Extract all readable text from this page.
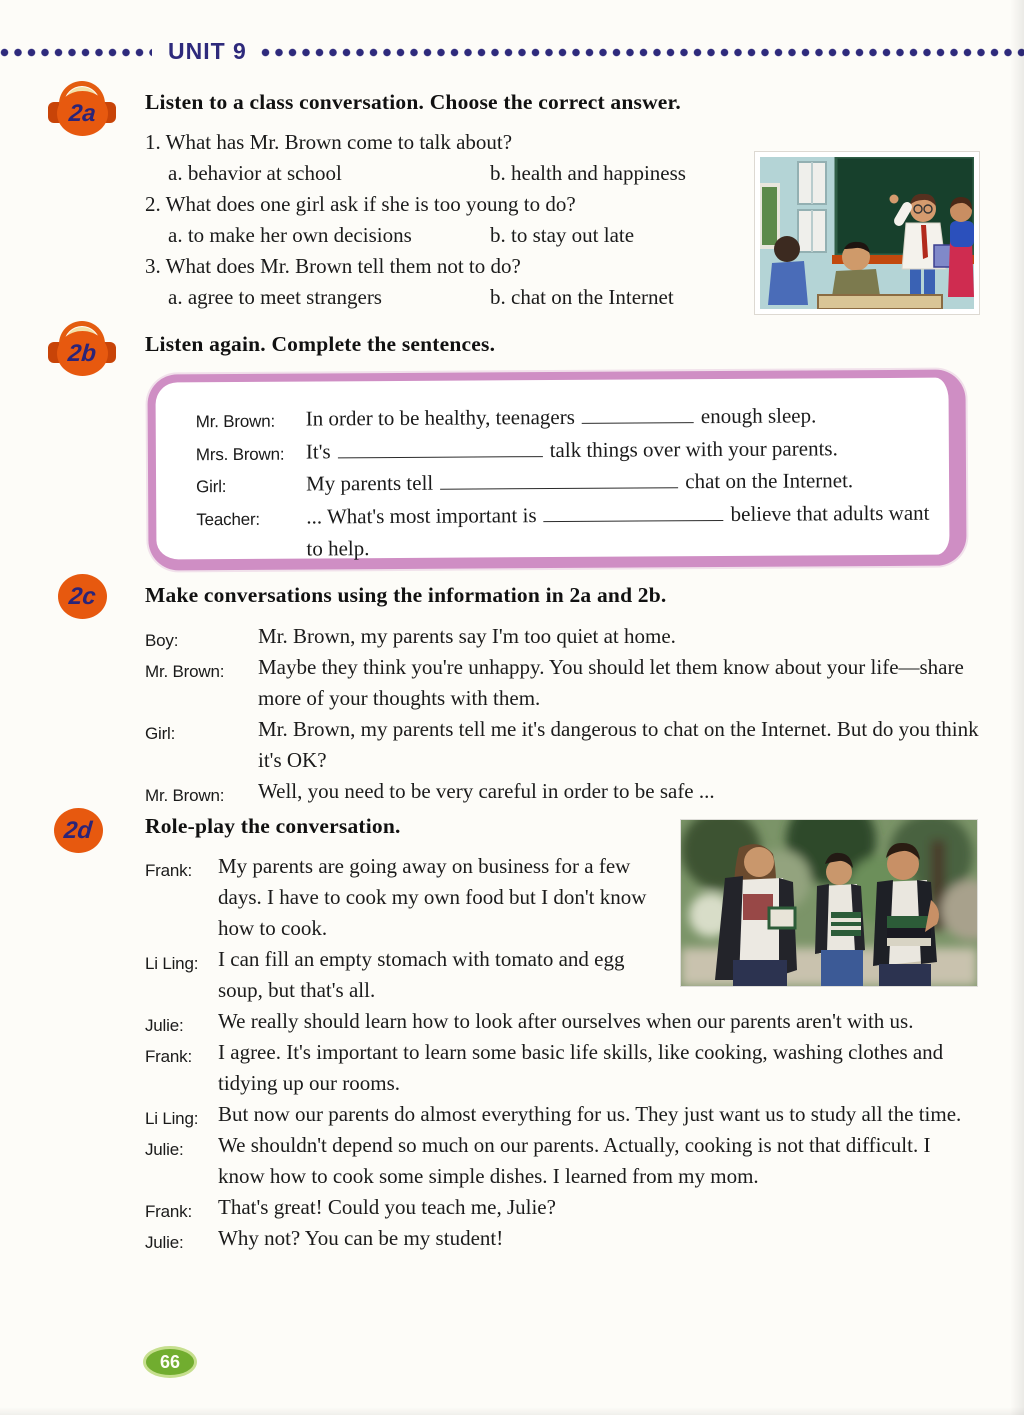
UNIT 9
2a Listen to a class conversation. Choose the correct answer.
1. What has Mr. Brown come to talk about?
a. behavior at school	b. health and happiness
2. What does one girl ask if she is too young to do?
a. to make her own decisions	b. to stay out late
3. What does Mr. Brown tell them not to do?
a. agree to meet strangers	b. chat on the Internet
2b Listen again. Complete the sentences.
Mr. Brown: In order to be healthy, teenagers	enough sleep.
Mrs. Brown: It's	talk things over with your parents.
Girl:	My parents tell	chat on the Internet.
Teacher: ... What's most important is	believe that adults want to help.
2c Make conversations using the information in 2a and 2b.
Boy:	Mr. Brown, my parents say I'm too quiet at home.
Mr. Brown: Maybe they think you're unhappy. You should let them know about your life—share more of your thoughts with them.
Girl:	Mr. Brown, my parents tell me it's dangerous to chat on the Internet. But do you think it's OK?
Mr. Brown: Well, you need to be very careful in order to be safe ...
2d Role-play the conversation.
Frank: My parents are going away on business for a few days. I have to cook my own food but I don't know how to cook.
Li Ling: I can fill an empty stomach with tomato and egg soup, but that's all.
Julie: We really should learn how to look after ourselves when our parents aren't with us.
Frank: I agree. It's important to learn some basic life skills, like cooking, washing clothes and tidying up our rooms.
Li Ling: But now our parents do almost everything for us. They just want us to study all the time.
Julie: We shouldn't depend so much on our parents. Actually, cooking is not that difficult. I know how to cook some simple dishes. I learned from my mom.
Frank: That's great! Could you teach me, Julie?
Julie: Why not? You can be my student!
66
